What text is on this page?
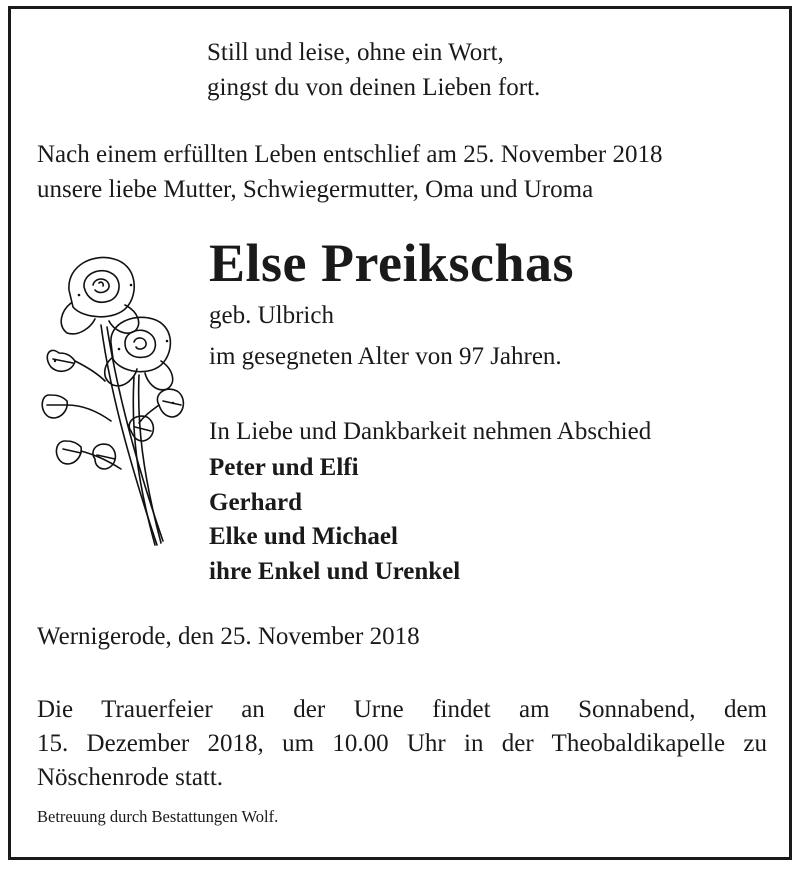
Still und leise, ohne ein Wort,
gingst du von deinen Lieben fort.
Nach einem erfüllten Leben entschlief am 25. November 2018
unsere liebe Mutter, Schwiegermutter, Oma und Uroma
Else Preikschas
geb. Ulbrich
im gesegneten Alter von 97 Jahren.
In Liebe und Dankbarkeit nehmen Abschied
Peter und Elfi
Gerhard
Elke und Michael
ihre Enkel und Urenkel
Wernigerode, den 25. November 2018
Die Trauerfeier an der Urne findet am Sonnabend, dem
15. Dezember 2018, um 10.00 Uhr in der Theobaldikapelle zu
Nöschenrode statt.
Betreuung durch Bestattungen Wolf.
